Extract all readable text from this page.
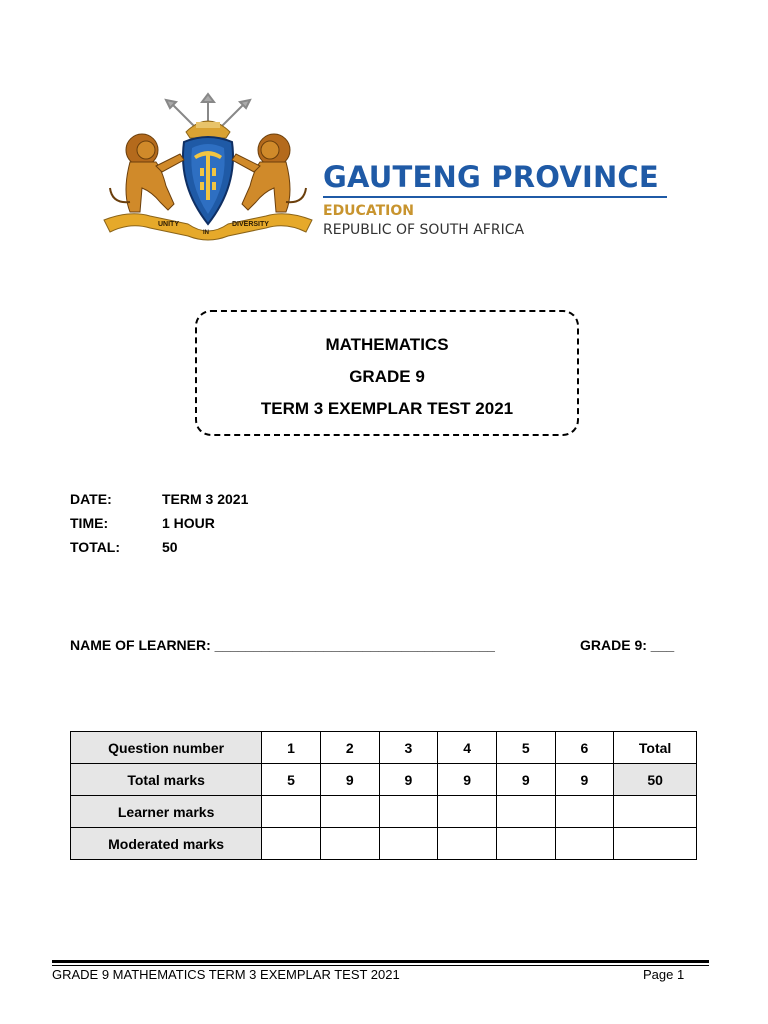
UNITY
IN
DIVERSITY
GAUTENG PROVINCE
EDUCATION
REPUBLIC OF SOUTH AFRICA
MATHEMATICS
GRADE 9
TERM 3 EXEMPLAR TEST 2021
DATE:	TERM 3 2021
TIME:	1 HOUR
TOTAL:	50
NAME OF LEARNER: ____________________________________	GRADE 9: ___
Question number	1	2	3	4	5	6	Total
Total marks	5	9	9	9	9	9	50
Learner marks							
Moderated marks							
GRADE 9 MATHEMATICS TERM 3 EXEMPLAR TEST 2021	Page 1
